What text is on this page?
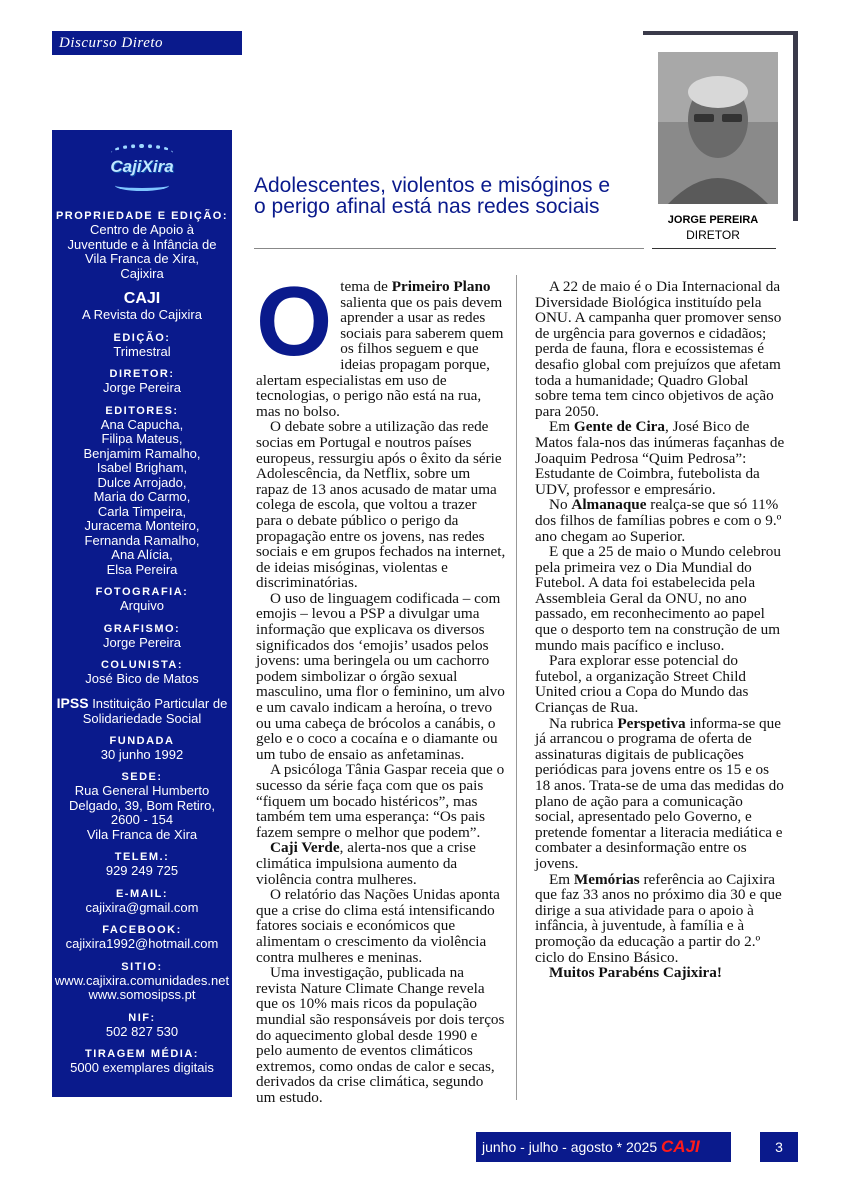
Discurso Direto
CajiXira
PROPRIEDADE E EDIÇÃO:
Centro de Apoio à
Juventude e à Infância de
Vila Franca de Xira,
Cajixira
CAJI
A Revista do Cajixira
EDIÇÃO:
Trimestral
DIRETOR:
Jorge Pereira
EDITORES:
Ana Capucha,
Filipa Mateus,
Benjamim Ramalho,
Isabel Brigham,
Dulce Arrojado,
Maria do Carmo,
Carla Timpeira,
Juracema Monteiro,
Fernanda Ramalho,
Ana Alícia,
Elsa Pereira
FOTOGRAFIA:
Arquivo
GRAFISMO:
Jorge Pereira
COLUNISTA:
José Bico de Matos
IPSS Instituição Particular de Solidariedade Social
FUNDADA
30 junho 1992
SEDE:
Rua General Humberto
Delgado, 39, Bom Retiro,
2600 - 154
Vila Franca de Xira
TELEM.:
929 249 725
E-MAIL:
cajixira@gmail.com
FACEBOOK:
cajixira1992@hotmail.com
SITIO:
www.cajixira.comunidades.net
www.somosipss.pt
NIF:
502 827 530
TIRAGEM MÉDIA:
5000 exemplares digitais
JORGE PEREIRA
DIRETOR
Adolescentes, violentos e misóginos e o perigo afinal está nas redes sociais
O tema de Primeiro Plano salienta que os pais devem aprender a usar as redes sociais para saberem quem os filhos seguem e que ideias propagam porque, alertam especialistas em uso de tecnologias, o perigo não está na rua, mas no bolso.

O debate sobre a utilização das rede socias em Portugal e noutros países europeus, ressurgiu após o êxito da série Adolescência, da Netflix, sobre um rapaz de 13 anos acusado de matar uma colega de escola, que voltou a trazer para o debate público o perigo da propagação entre os jovens, nas redes sociais e em grupos fechados na internet, de ideias misóginas, violentas e discriminatórias.

O uso de linguagem codificada – com emojis – levou a PSP a divulgar uma informação que explicava os diversos significados dos ‘emojis’ usados pelos jovens: uma beringela ou um cachorro podem simbolizar o órgão sexual masculino, uma flor o feminino, um alvo e um cavalo indicam a heroína, o trevo ou uma cabeça de brócolos a canábis, o gelo e o coco a cocaína e o diamante ou um tubo de ensaio as anfetaminas.

A psicóloga Tânia Gaspar receia que o sucesso da série faça com que os pais “fiquem um bocado histéricos”, mas também tem uma esperança: “Os pais fazem sempre o melhor que podem”.

Caji Verde, alerta-nos que a crise climática impulsiona aumento da violência contra mulheres.

O relatório das Nações Unidas aponta que a crise do clima está intensificando fatores sociais e económicos que alimentam o crescimento da violência contra mulheres e meninas.

Uma investigação, publicada na revista Nature Climate Change revela que os 10% mais ricos da população mundial são responsáveis por dois terços do aquecimento global desde 1990 e pelo aumento de eventos climáticos extremos, como ondas de calor e secas, derivados da crise climática, segundo um estudo.

A 22 de maio é o Dia Internacional da Diversidade Biológica instituído pela ONU. A campanha quer promover senso de urgência para governos e cidadãos; perda de fauna, flora e ecossistemas é desafio global com prejuízos que afetam toda a humanidade; Quadro Global sobre tema tem cinco objetivos de ação para 2050.

Em Gente de Cira, José Bico de Matos fala-nos das inúmeras façanhas de Joaquim Pedrosa “Quim Pedrosa”: Estudante de Coimbra, futebolista da UDV, professor e empresário.

No Almanaque realça-se que só 11% dos filhos de famílias pobres e com o 9.º ano chegam ao Superior.

E que a 25 de maio o Mundo celebrou pela primeira vez o Dia Mundial do Futebol. A data foi estabelecida pela Assembleia Geral da ONU, no ano passado, em reconhecimento ao papel que o desporto tem na construção de um mundo mais pacífico e incluso.

Para explorar esse potencial do futebol, a organização Street Child United criou a Copa do Mundo das Crianças de Rua.

Na rubrica Perspetiva informa-se que já arrancou o programa de oferta de assinaturas digitais de publicações periódicas para jovens entre os 15 e os 18 anos. Trata-se de uma das medidas do plano de ação para a comunicação social, apresentado pelo Governo, e pretende fomentar a literacia mediática e combater a desinformação entre os jovens.

Em Memórias referência ao Cajixira que faz 33 anos no próximo dia 30 e que dirige a sua atividade para o apoio à infância, à juventude, à família e à promoção da educação a partir do 2.º ciclo do Ensino Básico.

Muitos Parabéns Cajixira!

junho - julho - agosto * 2025 CAJI	3
